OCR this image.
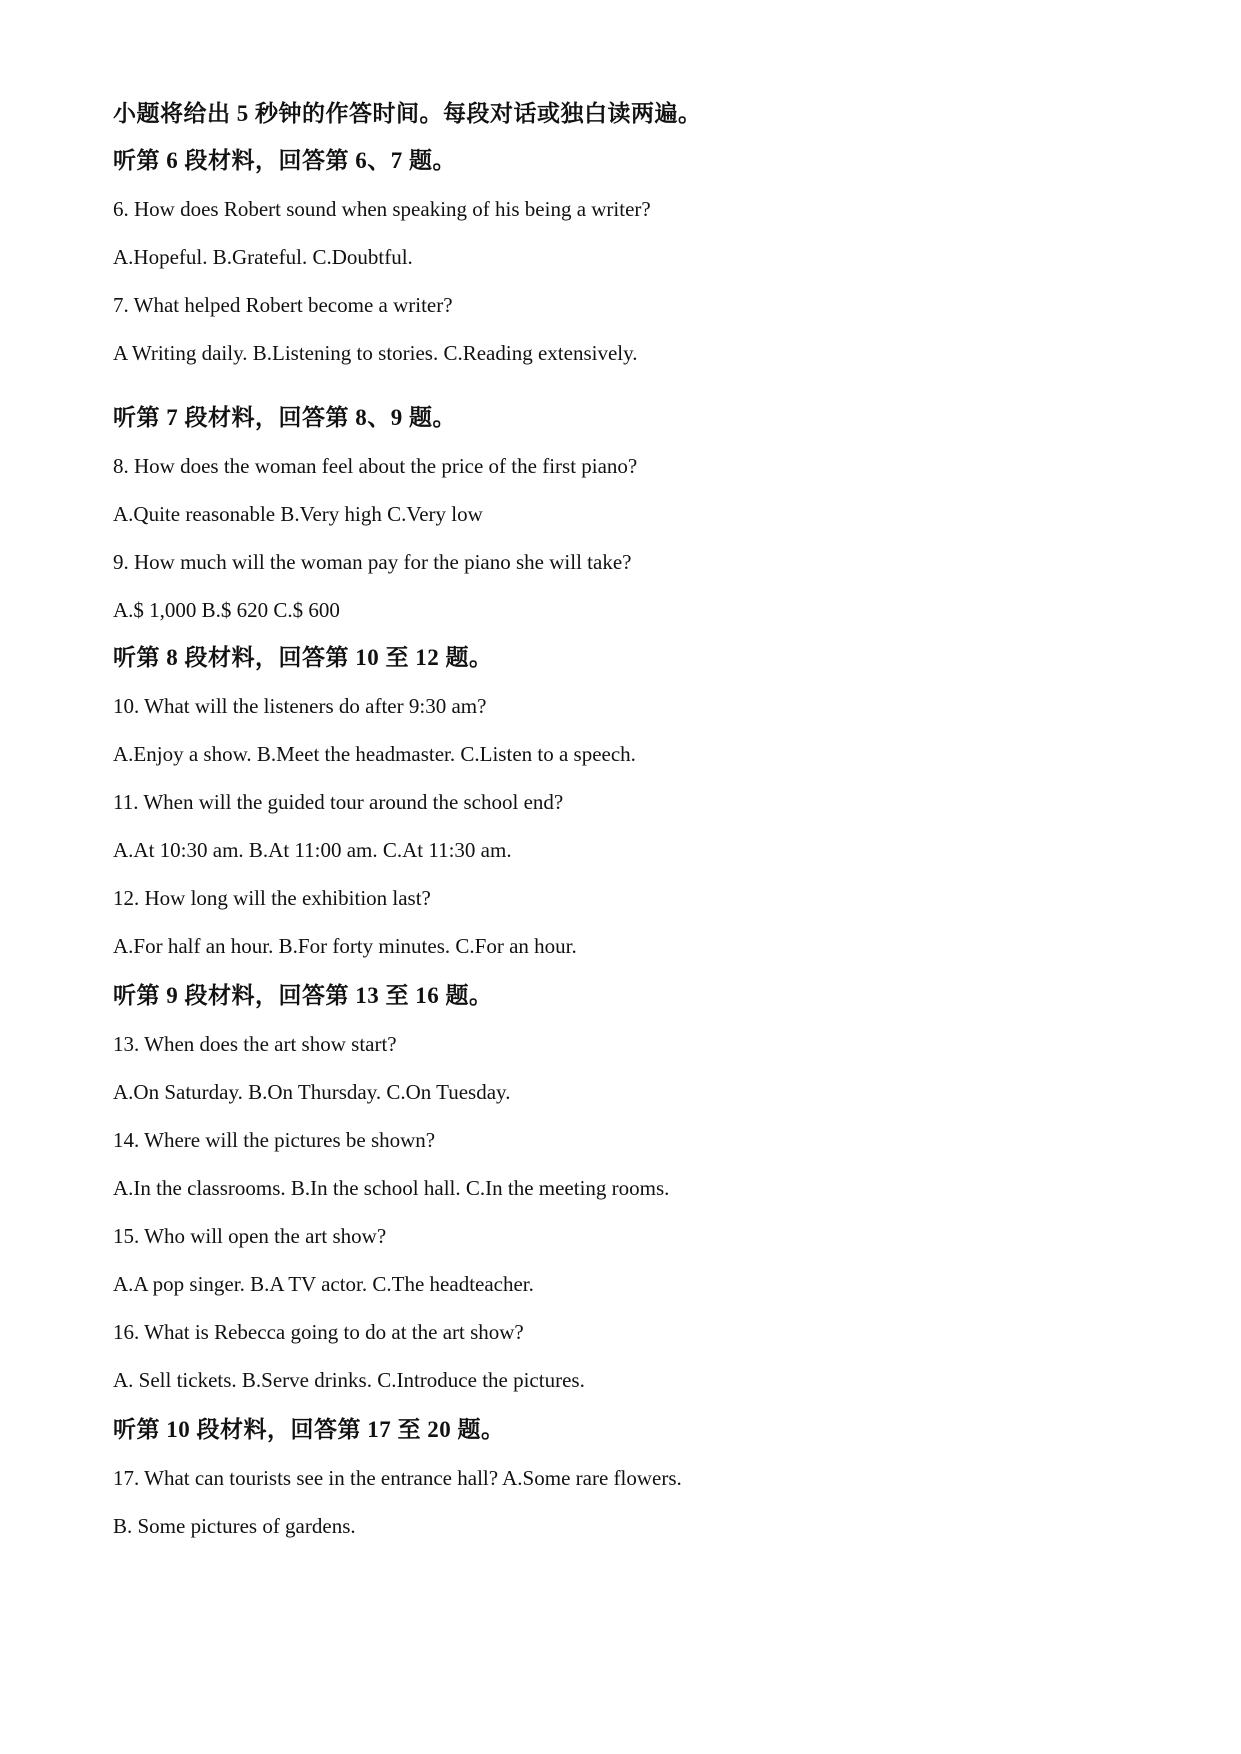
小题将给出 5 秒钟的作答时间。每段对话或独白读两遍。
听第 6 段材料，回答第 6、7 题。
6. How does Robert sound when speaking of his being a writer?
A.Hopeful. B.Grateful. C.Doubtful.
7. What helped Robert become a writer?
A Writing daily. B.Listening to stories. C.Reading extensively.
听第 7 段材料，回答第 8、9 题。
8. How does the woman feel about the price of the first piano?
A.Quite reasonable B.Very high C.Very low
9. How much will the woman pay for the piano she will take?
A.$ 1,000 B.$ 620 C.$ 600
听第 8 段材料，回答第 10 至 12 题。
10. What will the listeners do after 9:30 am?
A.Enjoy a show. B.Meet the headmaster. C.Listen to a speech.
11. When will the guided tour around the school end?
A.At 10:30 am. B.At 11:00 am. C.At 11:30 am.
12. How long will the exhibition last?
A.For half an hour. B.For forty minutes. C.For an hour.
听第 9 段材料，回答第 13 至 16 题。
13. When does the art show start?
A.On Saturday. B.On Thursday. C.On Tuesday.
14. Where will the pictures be shown?
A.In the classrooms. B.In the school hall. C.In the meeting rooms.
15. Who will open the art show?
A.A pop singer. B.A TV actor. C.The headteacher.
16. What is Rebecca going to do at the art show?
A. Sell tickets. B.Serve drinks. C.Introduce the pictures.
听第 10 段材料，回答第 17 至 20 题。
17. What can tourists see in the entrance hall? A.Some rare flowers.
B. Some pictures of gardens.
